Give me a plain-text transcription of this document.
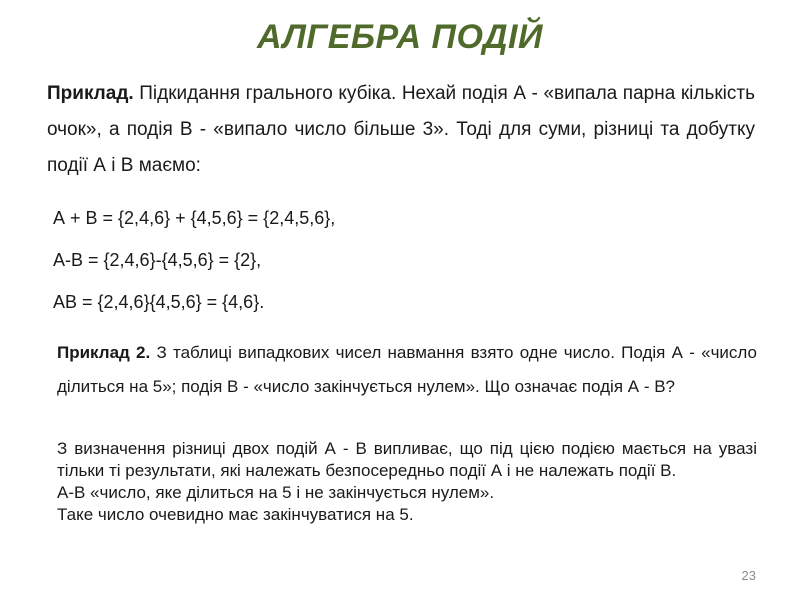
АЛГЕБРА ПОДІЙ
Приклад. Підкидання грального кубіка. Нехай подія А - «випала парна кількість очок», а подія В - «випало число більше 3». Тоді для суми, різниці та добутку події А і В маємо:
А + В = {2,4,6} + {4,5,6} = {2,4,5,6},
А-В = {2,4,6}-{4,5,6} = {2},
АВ = {2,4,6}{4,5,6} = {4,6}.
Приклад 2. З таблиці випадкових чисел навмання взято одне число. Подія А - «число ділиться на 5»; подія В - «число закінчується нулем». Що означає подія А - В?
З визначення різниці двох подій А - В випливає, що під цією подією мається на увазі тільки ті результати, які належать безпосередньо події А і не належать події В.
А-В «число, яке ділиться на 5 і не закінчується нулем».
Таке число очевидно має закінчуватися на 5.
23
